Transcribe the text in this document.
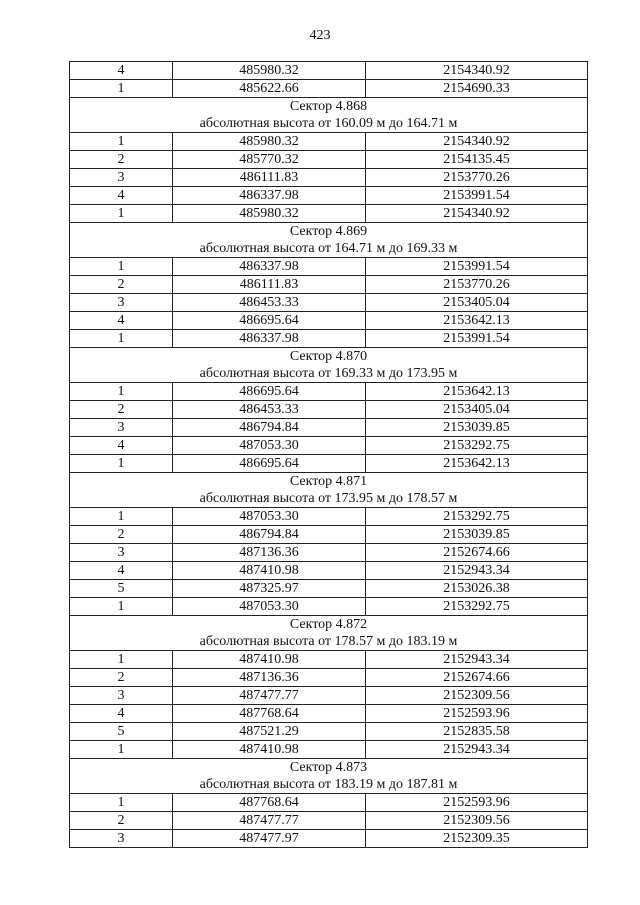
423
4	485980.32	2154340.92
1	485622.66	2154690.33
Сектор 4.868		
абсолютная высота от 160.09 м до 164.71 м		
1	485980.32	2154340.92
2	485770.32	2154135.45
3	486111.83	2153770.26
4	486337.98	2153991.54
1	485980.32	2154340.92
Сектор 4.869		
абсолютная высота от 164.71 м до 169.33 м		
1	486337.98	2153991.54
2	486111.83	2153770.26
3	486453.33	2153405.04
4	486695.64	2153642.13
1	486337.98	2153991.54
Сектор 4.870		
абсолютная высота от 169.33 м до 173.95 м		
1	486695.64	2153642.13
2	486453.33	2153405.04
3	486794.84	2153039.85
4	487053.30	2153292.75
1	486695.64	2153642.13
Сектор 4.871		
абсолютная высота от 173.95 м до 178.57 м		
1	487053.30	2153292.75
2	486794.84	2153039.85
3	487136.36	2152674.66
4	487410.98	2152943.34
5	487325.97	2153026.38
1	487053.30	2153292.75
Сектор 4.872		
абсолютная высота от 178.57 м до 183.19 м		
1	487410.98	2152943.34
2	487136.36	2152674.66
3	487477.77	2152309.56
4	487768.64	2152593.96
5	487521.29	2152835.58
1	487410.98	2152943.34
Сектор 4.873		
абсолютная высота от 183.19 м до 187.81 м		
1	487768.64	2152593.96
2	487477.77	2152309.56
3	487477.97	2152309.35
